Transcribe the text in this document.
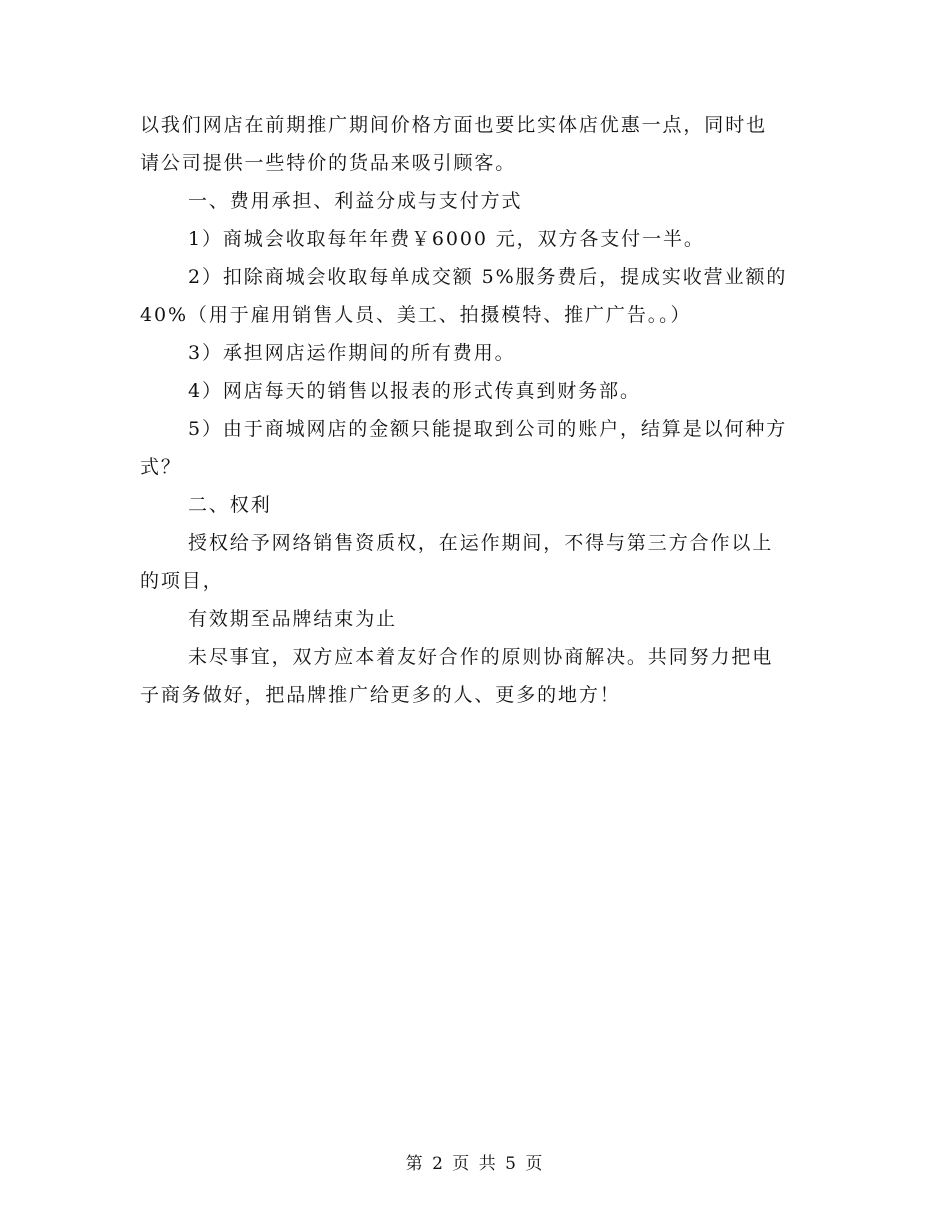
以我们网店在前期推广期间价格方面也要比实体店优惠一点，同时也
请公司提供一些特价的货品来吸引顾客。
一、费用承担、利益分成与支付方式
1）商城会收取每年年费￥6000 元，双方各支付一半。
2）扣除商城会收取每单成交额 5%服务费后，提成实收营业额的
40%（用于雇用销售人员、美工、拍摄模特、推广广告。。）
3）承担网店运作期间的所有费用。
4）网店每天的销售以报表的形式传真到财务部。
5）由于商城网店的金额只能提取到公司的账户，结算是以何种方
式？
二、权利
授权给予网络销售资质权，在运作期间，不得与第三方合作以上
的项目，
有效期至品牌结束为止
未尽事宜，双方应本着友好合作的原则协商解决。共同努力把电
子商务做好，把品牌推广给更多的人、更多的地方！
第 2 页 共 5 页
